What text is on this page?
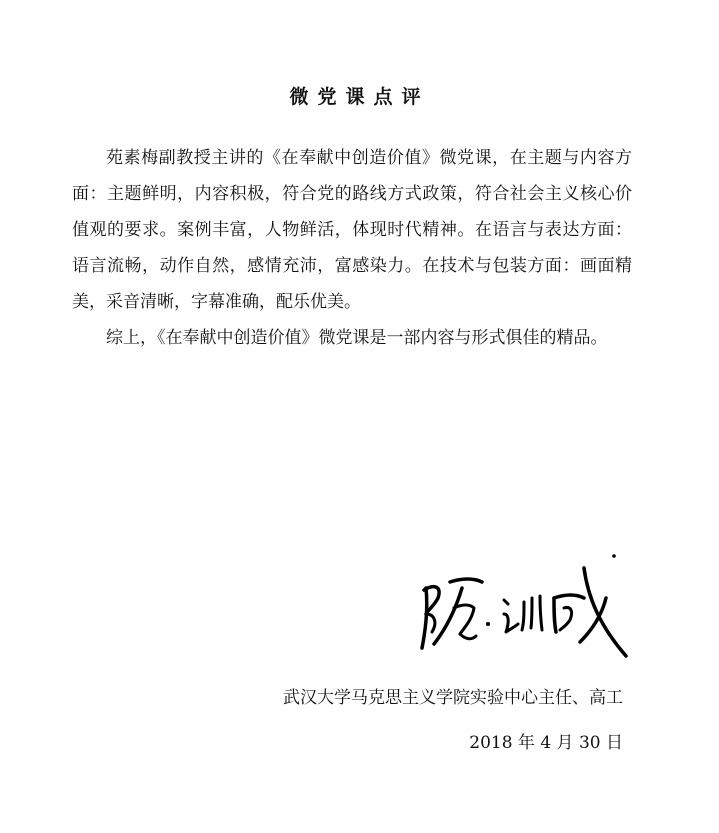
微党课点评

苑素梅副教授主讲的《在奉献中创造价值》微党课，在主题与内容方面：主题鲜明，内容积极，符合党的路线方式政策，符合社会主义核心价值观的要求。案例丰富，人物鲜活，体现时代精神。在语言与表达方面：语言流畅，动作自然，感情充沛，富感染力。在技术与包装方面：画面精美，采音清晰，字幕准确，配乐优美。

综上，《在奉献中创造价值》微党课是一部内容与形式俱佳的精品。

武汉大学马克思主义学院实验中心主任、高工
2018 年 4 月 30 日
